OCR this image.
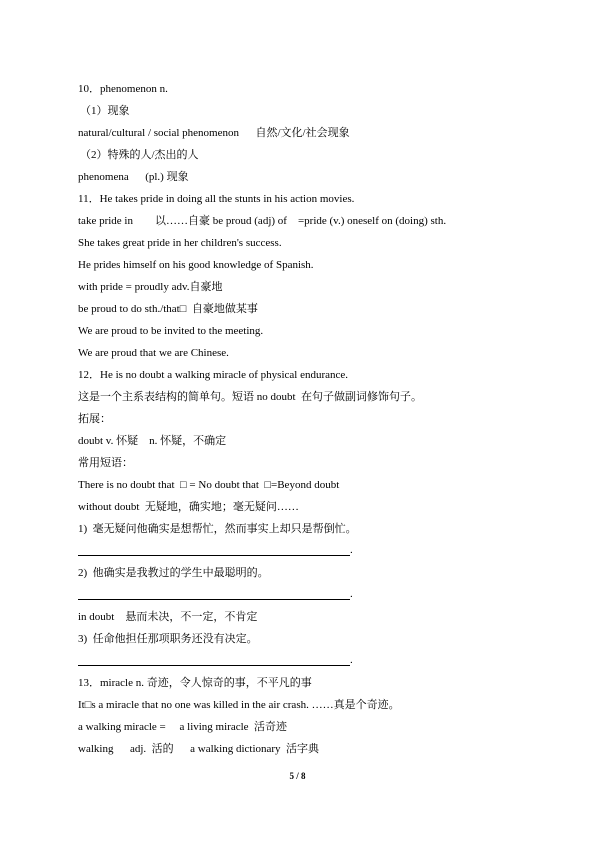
10．phenomenon n.
（1）现象
natural/cultural / social phenomenon      自然/文化/社会现象
（2）特殊的人/杰出的人
phenomena      (pl.) 现象
11．He takes pride in doing all the stunts in his action movies.
take pride in        以……自豪 be proud (adj) of    =pride (v.) oneself on (doing) sth.
She takes great pride in her children's success.
He prides himself on his good knowledge of Spanish.
with pride = proudly adv.自豪地
be proud to do sth./that□  自豪地做某事
We are proud to be invited to the meeting.
We are proud that we are Chinese.
12．He is no doubt a walking miracle of physical endurance.
这是一个主系表结构的简单句。短语 no doubt  在句子做副词修饰句子。
拓展：
doubt v. 怀疑    n. 怀疑，不确定
常用短语：
There is no doubt that  □ = No doubt that  □=Beyond doubt
without doubt  无疑地，确实地；毫无疑问……
1)  毫无疑问他确实是想帮忙，然而事实上却只是帮倒忙。
.
2)  他确实是我教过的学生中最聪明的。
.
in doubt    悬而未决，不一定，不肯定
3)  任命他担任那项职务还没有决定。
.
13．miracle n. 奇迹，令人惊奇的事，不平凡的事
It□s a miracle that no one was killed in the air crash. ……真是个奇迹。
a walking miracle =     a living miracle  活奇迹
walking      adj.  活的      a walking dictionary  活字典
5 / 8
